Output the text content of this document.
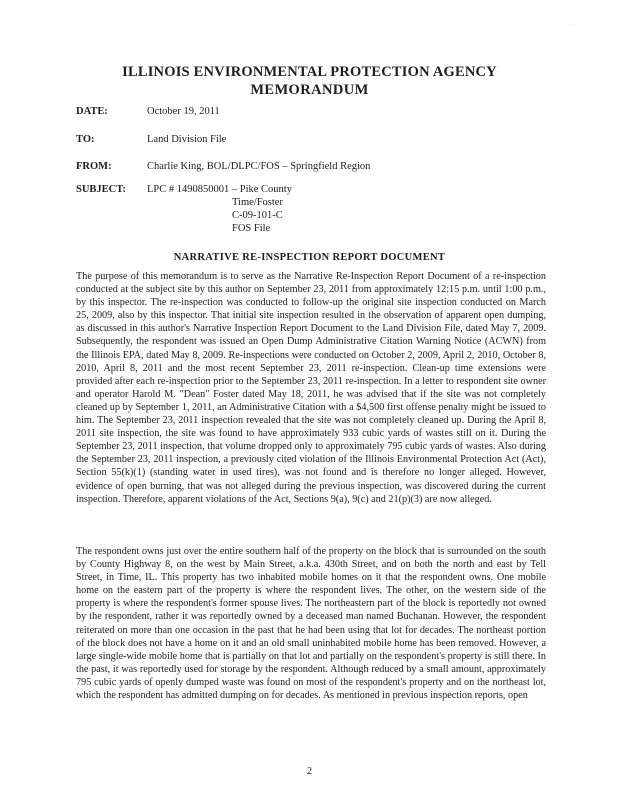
·
ILLINOIS ENVIRONMENTAL PROTECTION AGENCY
MEMORANDUM
DATE:	October 19, 2011
TO:	Land Division File
FROM:	Charlie King, BOL/DLPC/FOS – Springfield Region
SUBJECT: LPC # 1490850001 – Pike County
Time/Foster
C-09-101-C
FOS File
NARRATIVE RE-INSPECTION REPORT DOCUMENT

The purpose of this memorandum is to serve as the Narrative Re-Inspection Report Document of a re-inspection conducted at the subject site by this author on September 23, 2011 from approximately 12:15 p.m. until 1:00 p.m., by this inspector. The re-inspection was conducted to follow-up the original site inspection conducted on March 25, 2009, also by this inspector. That initial site inspection resulted in the observation of apparent open dumping, as discussed in this author's Narrative Inspection Report Document to the Land Division File, dated May 7, 2009. Subsequently, the respondent was issued an Open Dump Administrative Citation Warning Notice (ACWN) from the Illinois EPA, dated May 8, 2009. Re-inspections were conducted on October 2, 2009, April 2, 2010, October 8, 2010, April 8, 2011 and the most recent September 23, 2011 re-inspection. Clean-up time extensions were provided after each re-inspection prior to the September 23, 2011 re-inspection. In a letter to respondent site owner and operator Harold M. "Dean" Foster dated May 18, 2011, he was advised that if the site was not completely cleaned up by September 1, 2011, an Administrative Citation with a $4,500 first offense penalty might be issued to him. The September 23, 2011 inspection revealed that the site was not completely cleaned up. During the April 8, 2011 site inspection, the site was found to have approximately 933 cubic yards of wastes still on it. During the September 23, 2011 inspection, that volume dropped only to approximately 795 cubic yards of wastes. Also during the September 23, 2011 inspection, a previously cited violation of the Illinois Environmental Protection Act (Act), Section 55(k)(1) (standing water in used tires), was not found and is therefore no longer alleged. However, evidence of open burning, that was not alleged during the previous inspection, was discovered during the current inspection. Therefore, apparent violations of the Act, Sections 9(a), 9(c) and 21(p)(3) are now alleged.

The respondent owns just over the entire southern half of the property on the block that is surrounded on the south by County Highway 8, on the west by Main Street, a.k.a. 430th Street, and on both the north and east by Tell Street, in Time, IL. This property has two inhabited mobile homes on it that the respondent owns. One mobile home on the eastern part of the property is where the respondent lives. The other, on the western side of the property is where the respondent's former spouse lives. The northeastern part of the block is reportedly not owned by the respondent, rather it was reportedly owned by a deceased man named Buchanan. However, the respondent reiterated on more than one occasion in the past that he had been using that lot for decades. The northeast portion of the block does not have a home on it and an old small uninhabited mobile home has been removed. However, a large single-wide mobile home that is partially on that lot and partially on the respondent's property is still there. In the past, it was reportedly used for storage by the respondent. Although reduced by a small amount, approximately 795 cubic yards of openly dumped waste was found on most of the respondent's property and on the northeast lot, which the respondent has admitted dumping on for decades. As mentioned in previous inspection reports, open

2
